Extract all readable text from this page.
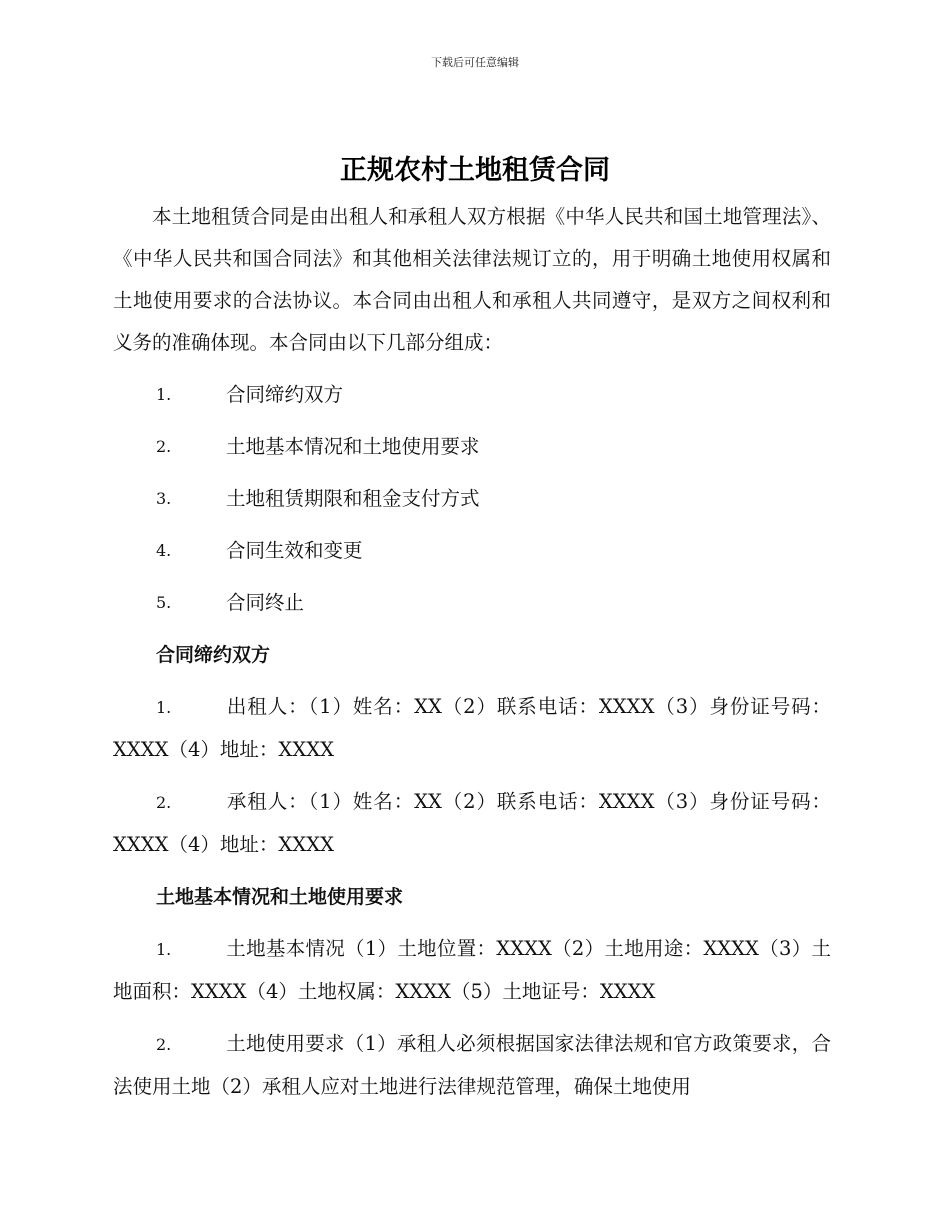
下载后可任意编辑
正规农村土地租赁合同

本土地租赁合同是由出租人和承租人双方根据《中华人民共和国土地管理法》、《中华人民共和国合同法》和其他相关法律法规订立的，用于明确土地使用权属和土地使用要求的合法协议。本合同由出租人和承租人共同遵守，是双方之间权利和义务的准确体现。本合同由以下几部分组成：

1.	合同缔约双方
2.	土地基本情况和土地使用要求
3.	土地租赁期限和租金支付方式
4.	合同生效和变更
5.	合同终止
合同缔约双方

1.	出租人：（1）姓名：XX（2）联系电话：XXXX（3）身份证号码：XXXX（4）地址：XXXX

2.	承租人：（1）姓名：XX（2）联系电话：XXXX（3）身份证号码：XXXX（4）地址：XXXX

土地基本情况和土地使用要求

1.	土地基本情况（1）土地位置：XXXX（2）土地用途：XXXX（3）土地面积：XXXX（4）土地权属：XXXX（5）土地证号：XXXX

2.	土地使用要求（1）承租人必须根据国家法律法规和官方政策要求，合法使用土地（2）承租人应对土地进行法律规范管理，确保土地使用
